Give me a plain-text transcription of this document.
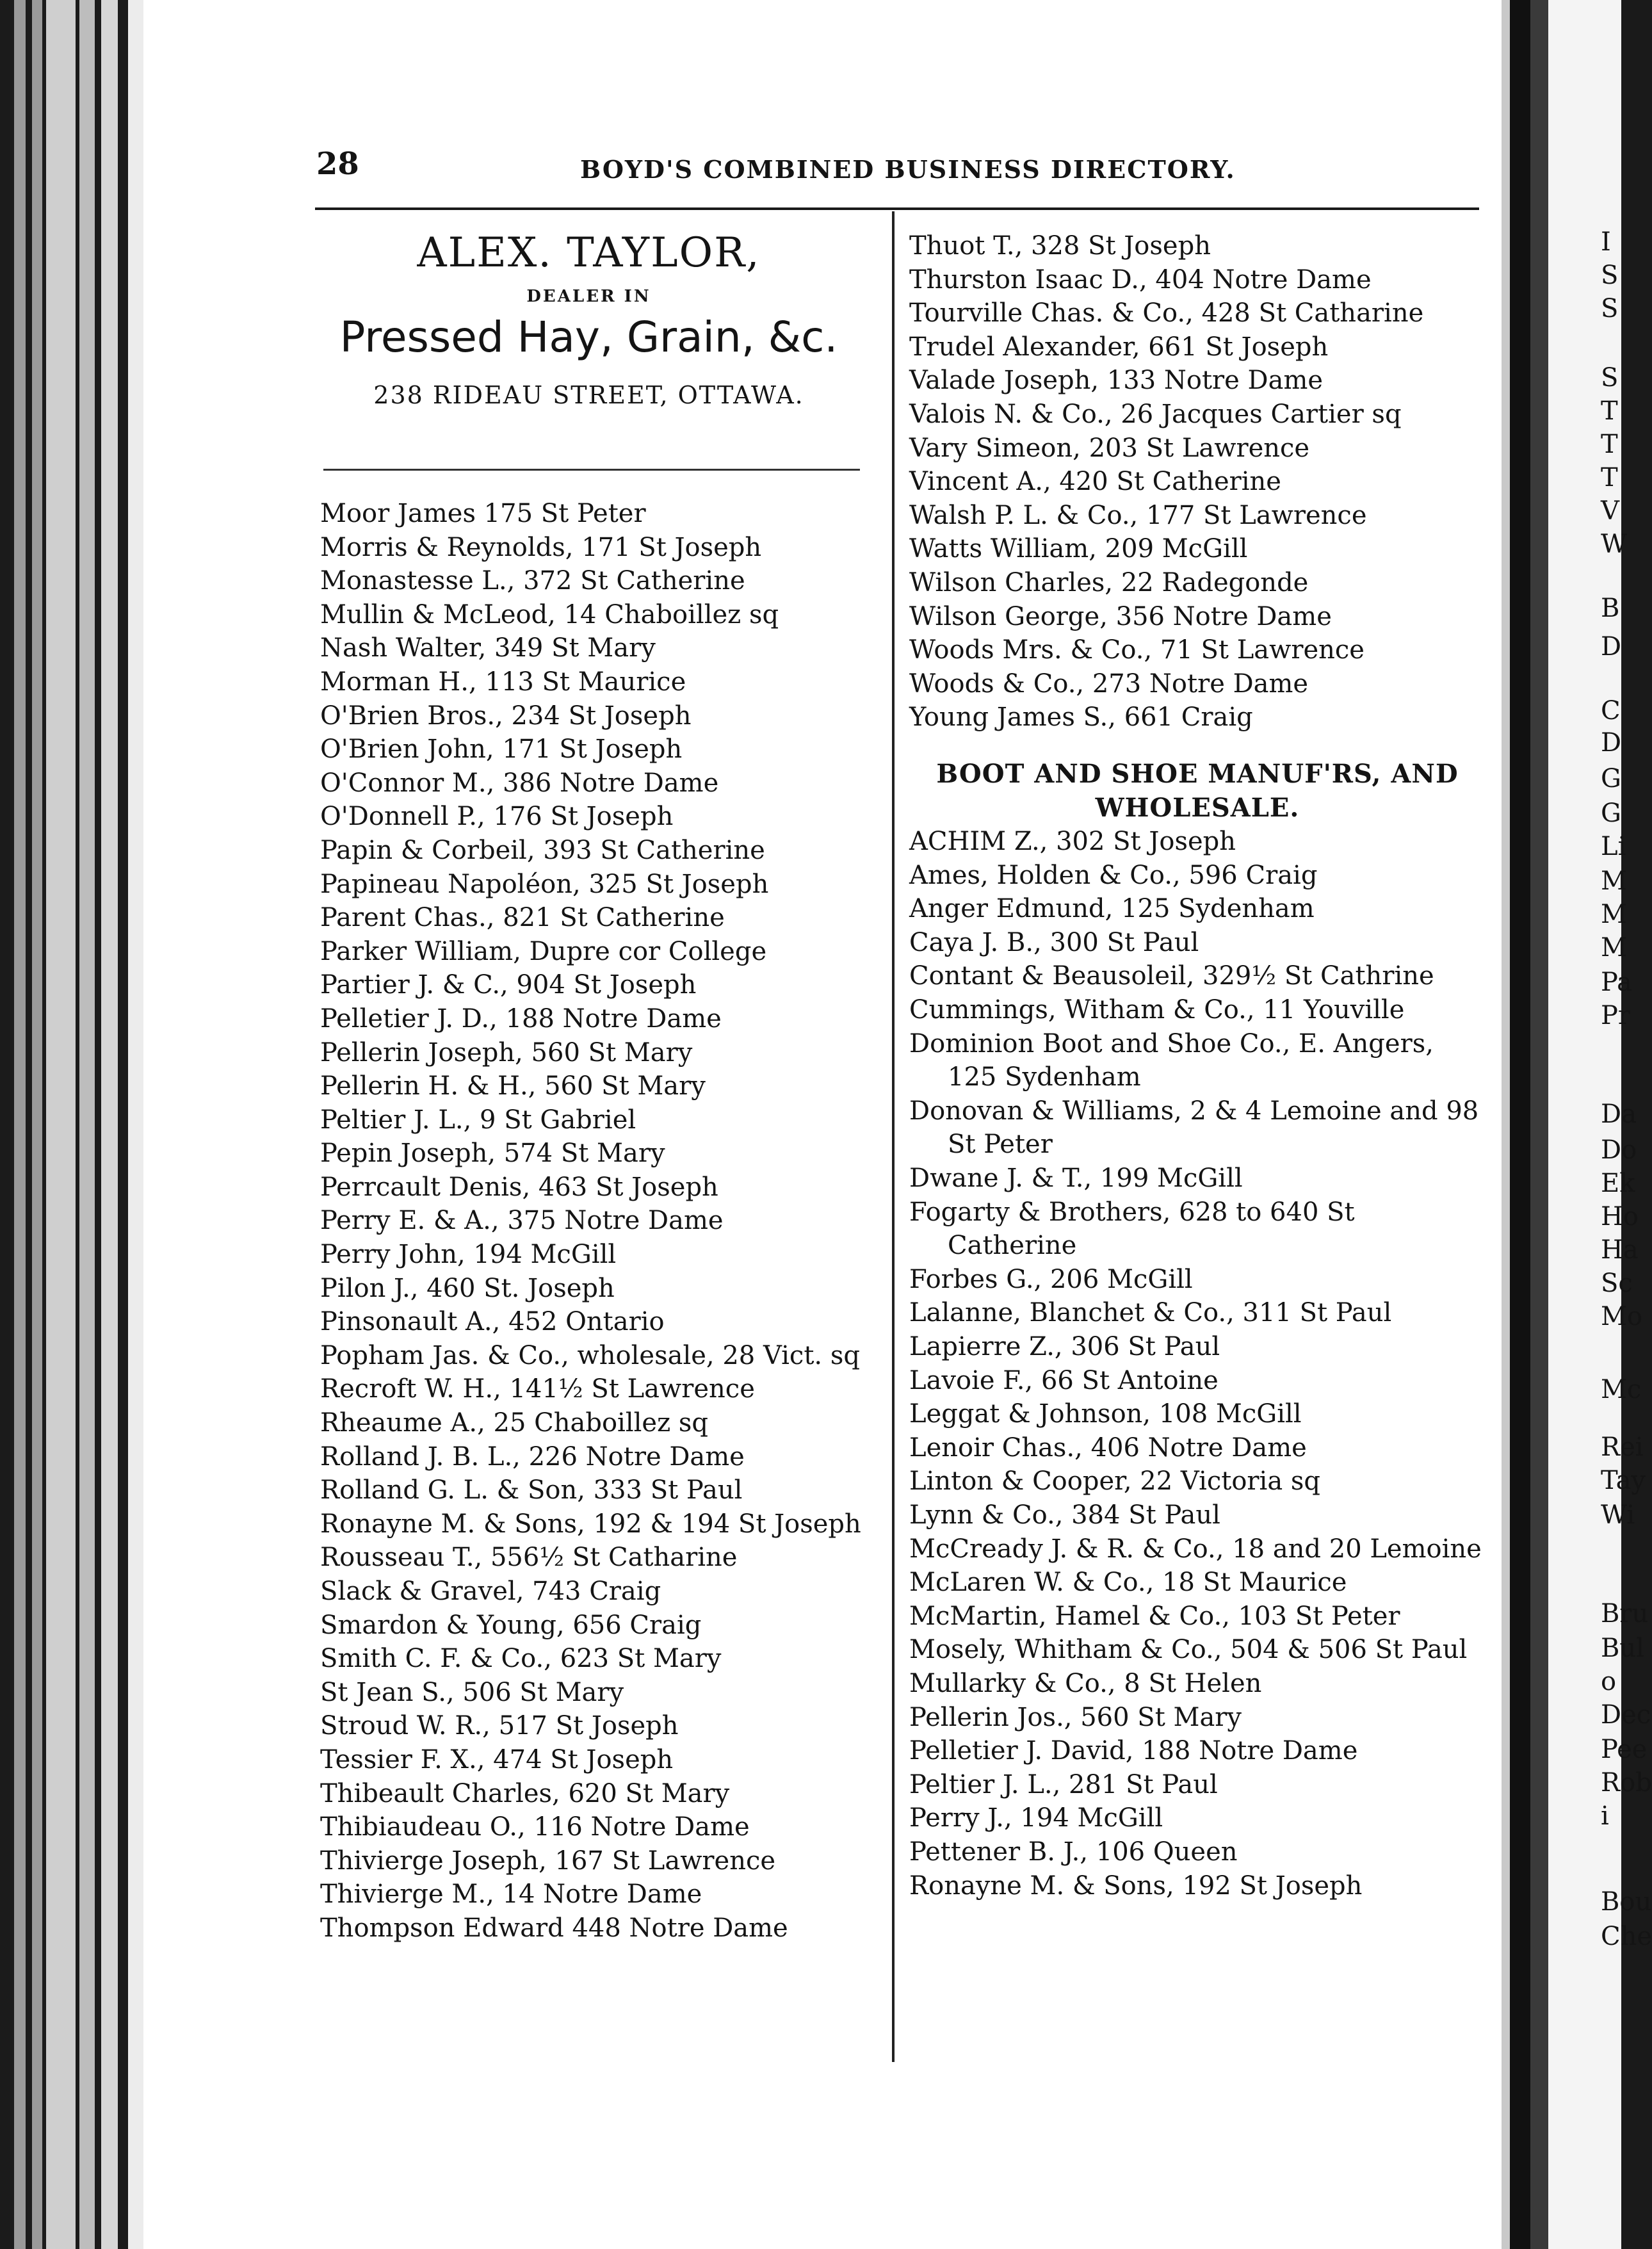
I
S
S
S
T
T
T
V
W
B
D
C
D
G
G
Li
M
M
M
Pa
Pr
Da
Do
Ek
Ho
Ha
Sc
Mo
Mc
Rei
Tay
Wi
Bru
Bul
o
Dec
Pee
Rob
i
Bou
Che
28	BOYD'S COMBINED BUSINESS DIRECTORY.
ALEX. TAYLOR,
DEALER IN
Pressed Hay, Grain, &c.
238 RIDEAU STREET, OTTAWA.
Moor James 175 St Peter
Morris & Reynolds, 171 St Joseph
Monastesse L., 372 St Catherine
Mullin & McLeod, 14 Chaboillez sq
Nash Walter, 349 St Mary
Morman H., 113 St Maurice
O'Brien Bros., 234 St Joseph
O'Brien John, 171 St Joseph
O'Connor M., 386 Notre Dame
O'Donnell P., 176 St Joseph
Papin & Corbeil, 393 St Catherine
Papineau Napoléon, 325 St Joseph
Parent Chas., 821 St Catherine
Parker William, Dupre cor College
Partier J. & C., 904 St Joseph
Pelletier J. D., 188 Notre Dame
Pellerin Joseph, 560 St Mary
Pellerin H. & H., 560 St Mary
Peltier J. L., 9 St Gabriel
Pepin Joseph, 574 St Mary
Perrcault Denis, 463 St Joseph
Perry E. & A., 375 Notre Dame
Perry John, 194 McGill
Pilon J., 460 St. Joseph
Pinsonault A., 452 Ontario
Popham Jas. & Co., wholesale, 28 Vict. sq
Recroft W. H., 141½ St Lawrence
Rheaume A., 25 Chaboillez sq
Rolland J. B. L., 226 Notre Dame
Rolland G. L. & Son, 333 St Paul
Ronayne M. & Sons, 192 & 194 St Joseph
Rousseau T., 556½ St Catharine
Slack & Gravel, 743 Craig
Smardon & Young, 656 Craig
Smith C. F. & Co., 623 St Mary
St Jean S., 506 St Mary
Stroud W. R., 517 St Joseph
Tessier F. X., 474 St Joseph
Thibeault Charles, 620 St Mary
Thibiaudeau O., 116 Notre Dame
Thivierge Joseph, 167 St Lawrence
Thivierge M., 14 Notre Dame
Thompson Edward 448 Notre Dame
Thuot T., 328 St Joseph
Thurston Isaac D., 404 Notre Dame
Tourville Chas. & Co., 428 St Catharine
Trudel Alexander, 661 St Joseph
Valade Joseph, 133 Notre Dame
Valois N. & Co., 26 Jacques Cartier sq
Vary Simeon, 203 St Lawrence
Vincent A., 420 St Catherine
Walsh P. L. & Co., 177 St Lawrence
Watts William, 209 McGill
Wilson Charles, 22 Radegonde
Wilson George, 356 Notre Dame
Woods Mrs. & Co., 71 St Lawrence
Woods & Co., 273 Notre Dame
Young James S., 661 Craig
BOOT AND SHOE MANUF'RS, AND WHOLESALE.
ACHIM Z., 302 St Joseph
Ames, Holden & Co., 596 Craig
Anger Edmund, 125 Sydenham
Caya J. B., 300 St Paul
Contant & Beausoleil, 329½ St Cathrine
Cummings, Witham & Co., 11 Youville
Dominion Boot and Shoe Co., E. Angers, 125 Sydenham
Donovan & Williams, 2 & 4 Lemoine and 98 St Peter
Dwane J. & T., 199 McGill
Fogarty & Brothers, 628 to 640 St Catherine
Forbes G., 206 McGill
Lalanne, Blanchet & Co., 311 St Paul
Lapierre Z., 306 St Paul
Lavoie F., 66 St Antoine
Leggat & Johnson, 108 McGill
Lenoir Chas., 406 Notre Dame
Linton & Cooper, 22 Victoria sq
Lynn & Co., 384 St Paul
McCready J. & R. & Co., 18 and 20 Lemoine
McLaren W. & Co., 18 St Maurice
McMartin, Hamel & Co., 103 St Peter
Mosely, Whitham & Co., 504 & 506 St Paul
Mullarky & Co., 8 St Helen
Pellerin Jos., 560 St Mary
Pelletier J. David, 188 Notre Dame
Peltier J. L., 281 St Paul
Perry J., 194 McGill
Pettener B. J., 106 Queen
Ronayne M. & Sons, 192 St Joseph
